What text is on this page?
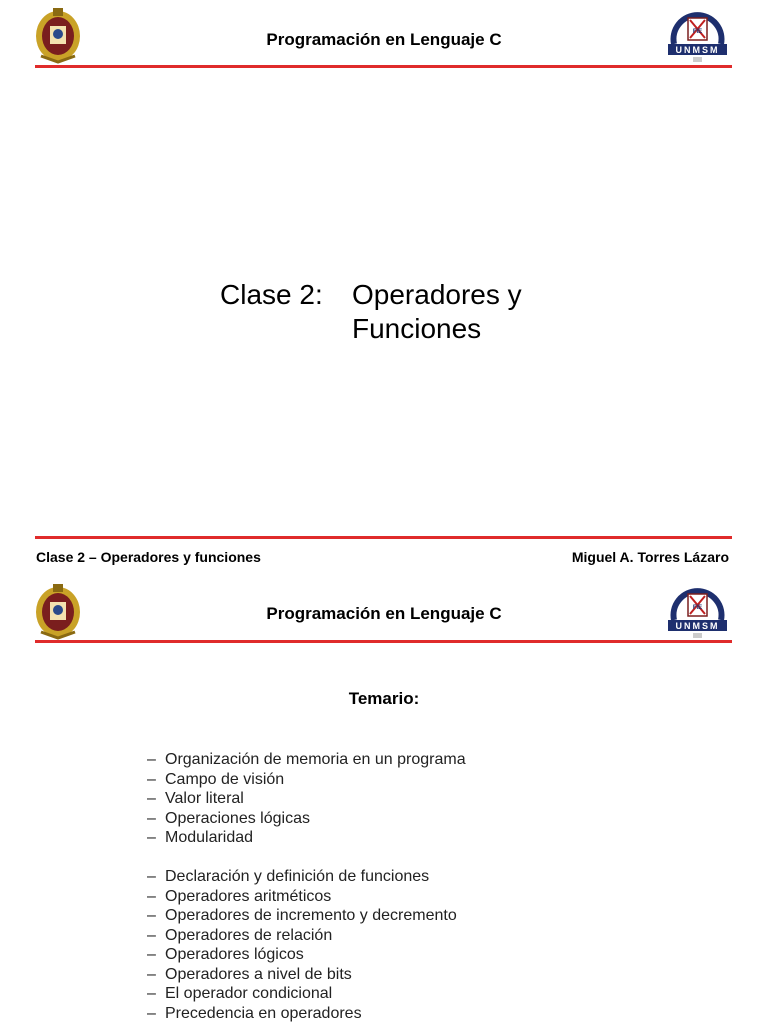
Programación en Lenguaje C	FIE
UNMSM
Clase 2: Operadores y Funciones
Clase 2 – Operadores y funciones	Miguel A. Torres Lázaro
Programación en Lenguaje C	FIE
UNMSM
Temario:
– Organización de memoria en un programa
– Campo de visión
– Valor literal
– Operaciones lógicas
– Modularidad
– Declaración y definición de funciones
– Operadores aritméticos
– Operadores de incremento y decremento
– Operadores de relación
– Operadores lógicos
– Operadores a nivel de bits
– El operador condicional
– Precedencia en operadores
